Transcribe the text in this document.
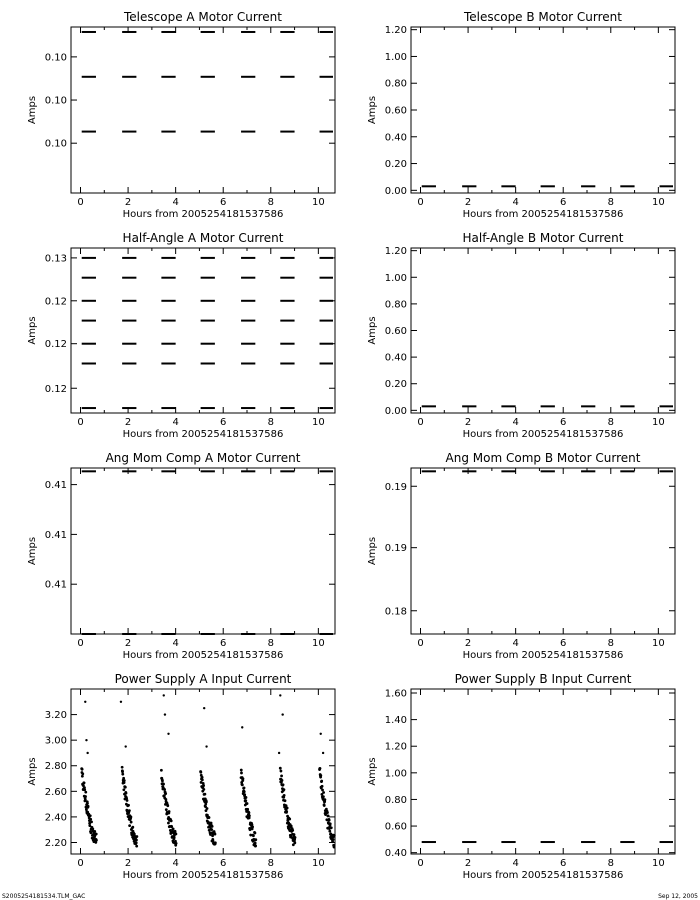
S2005254181534.TLM_GAC	Sep 12, 2005
Telescope A Motor Current
Hours from 2005254181537586
Amps
0	2	4	6	8	10
0.10
0.10
0.10
Telescope B Motor Current
Hours from 2005254181537586
Amps
0	2	4	6	8	10
0.00
0.20
0.40
0.60
0.80
1.00
1.20
Half-Angle A Motor Current
Hours from 2005254181537586
Amps
0	2	4	6	8	10
0.12
0.12
0.12
0.13
Half-Angle B Motor Current
Hours from 2005254181537586
Amps
0	2	4	6	8	10
0.00
0.20
0.40
0.60
0.80
1.00
1.20
Ang Mom Comp A Motor Current
Hours from 2005254181537586
Amps
0	2	4	6	8	10
0.41
0.41
0.41
Ang Mom Comp B Motor Current
Hours from 2005254181537586
Amps
0	2	4	6	8	10
0.18
0.19
0.19
Power Supply A Input Current
Hours from 2005254181537586
Amps
0	2	4	6	8	10
2.20
2.40
2.60
2.80
3.00
3.20
Power Supply B Input Current
Hours from 2005254181537586
Amps
0	2	4	6	8	10
0.40
0.60
0.80
1.00
1.20
1.40
1.60
